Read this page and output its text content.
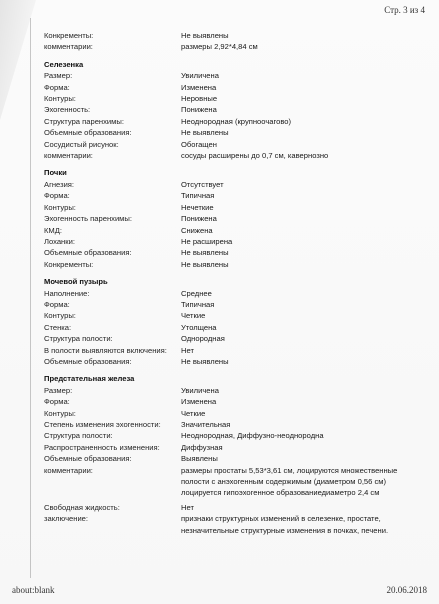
Стр. 3 из 4
Конкременты:	Не выявлены
комментарии:	размеры 2,92*4,84 см
Селезенка
Размер:	Увиличена
Форма:	Изменена
Контуры:	Неровные
Эхогенность:	Понижена
Структура паренхимы:	Неоднородная (крупноочагово)
Объемные образования:	Не выявлены
Сосудистый рисунок:	Обогащен
комментарии:	сосуды расширены до 0,7 см, кавернозно
Почки
Агнезия:	Отсутствует
Форма:	Типичная
Контуры:	Нечеткие
Эхогенность паренхимы:	Понижена
КМД:	Снижена
Лоханки:	Не расширена
Объемные образования:	Не выявлены
Конкременты:	Не выявлены
Мочевой пузырь
Наполнение:	Среднее
Форма:	Типичная
Контуры:	Четкие
Стенка:	Утолщена
Структура полости:	Однородная
В полости выявляются включения:	Нет
Объемные образования:	Не выявлены
Предстательная железа
Размер:	Увиличена
Форма:	Изменена
Контуры:	Четкие
Степень изменения эхогенности:	Значительная
Структура полости:	Неоднородная, Диффузно-неоднородна
Распространенность изменения:	Диффузная
Объемные образования:	Выявлены
комментарии:	размеры простаты 5,53*3,61 см, лоцируются множественные полости с анэхогенным содержимым (диаметром 0,56 см) лоцируется гипоэхогенное образованиедиаметро 2,4 см
Свободная жидкость:	Нет
заключение:	признаки структурных изменений в селезенке, простате, незначительные структурные изменения в почках, печени.
about:blank	20.06.2018
